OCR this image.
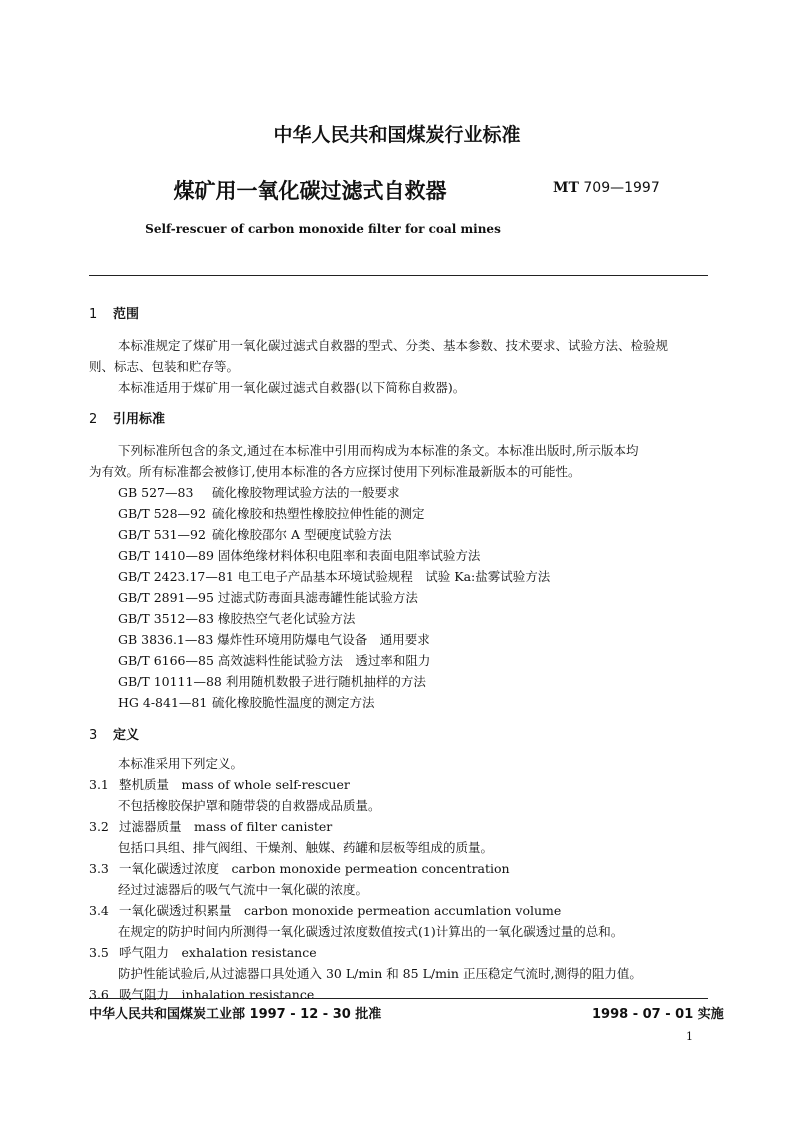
中华人民共和国煤炭行业标准
煤矿用一氧化碳过滤式自救器	MT 709—1997
Self-rescuer of carbon monoxide filter for coal mines
1 范围
本标准规定了煤矿用一氧化碳过滤式自救器的型式、分类、基本参数、技术要求、试验方法、检验规
则、标志、包装和贮存等。
本标准适用于煤矿用一氧化碳过滤式自救器(以下简称自救器)。
2 引用标准
下列标准所包含的条文,通过在本标准中引用而构成为本标准的条文。本标准出版时,所示版本均
为有效。所有标准都会被修订,使用本标准的各方应探讨使用下列标准最新版本的可能性。
GB 527—83 硫化橡胶物理试验方法的一般要求
GB/T 528—92 硫化橡胶和热塑性橡胶拉伸性能的测定
GB/T 531—92 硫化橡胶邵尔 A 型硬度试验方法
GB/T 1410—89 固体绝缘材料体积电阻率和表面电阻率试验方法
GB/T 2423.17—81 电工电子产品基本环境试验规程　试验 Ka:盐雾试验方法
GB/T 2891—95 过滤式防毒面具滤毒罐性能试验方法
GB/T 3512—83 橡胶热空气老化试验方法
GB 3836.1—83 爆炸性环境用防爆电气设备　通用要求
GB/T 6166—85 高效滤料性能试验方法　透过率和阻力
GB/T 10111—88 利用随机数骰子进行随机抽样的方法
HG 4-841—81 硫化橡胶脆性温度的测定方法
3 定义
本标准采用下列定义。
3.1 整机质量　 mass of whole self-rescuer
不包括橡胶保护罩和随带袋的自救器成品质量。
3.2 过滤器质量　 mass of filter canister
包括口具组、排气阀组、干燥剂、触媒、药罐和层板等组成的质量。
3.3 一氧化碳透过浓度　 carbon monoxide permeation concentration
经过过滤器后的吸气气流中一氧化碳的浓度。
3.4 一氧化碳透过积累量　 carbon monoxide permeation accumlation volume
在规定的防护时间内所测得一氧化碳透过浓度数值按式(1)计算出的一氧化碳透过量的总和。
3.5 呼气阻力　 exhalation resistance
防护性能试验后,从过滤器口具处通入 30 L/min 和 85 L/min 正压稳定气流时,测得的阻力值。
3.6 吸气阻力　 inhalation resistance
中华人民共和国煤炭工业部 1997 - 12 - 30 批准	1998 - 07 - 01 实施
1
